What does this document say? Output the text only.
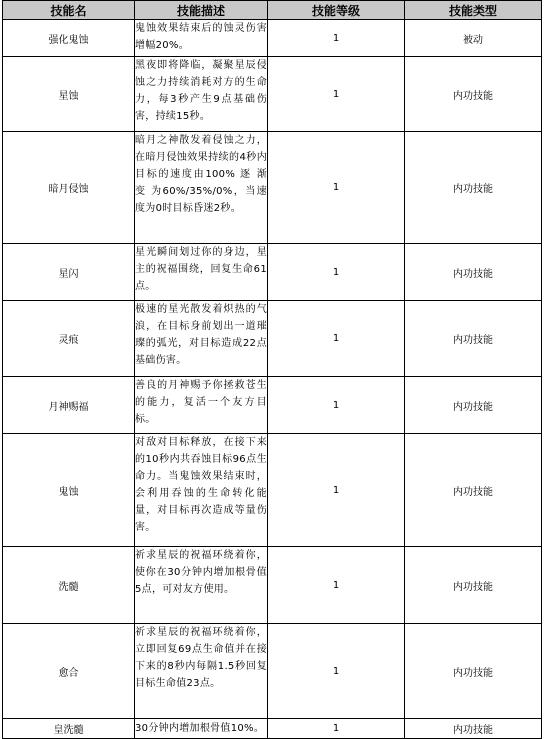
技能名	技能描述	技能等级	技能类型
强化鬼蚀	鬼蚀效果结束后的蚀灵伤害增幅20%。	1	被动
星蚀	黑夜即将降临，凝聚星辰侵蚀之力持续消耗对方的生命力，每3秒产生9点基础伤害，持续15秒。	1	内功技能
暗月侵蚀	暗月之神散发着侵蚀之力，在暗月侵蚀效果持续的4秒内目标的速度由100% 逐 渐 变 为60%/35%/0%，当速度为0时目标昏迷2秒。	1	内功技能
星闪	星光瞬间划过你的身边，星主的祝福围绕，回复生命61点。	1	内功技能
灵痕	极速的星光散发着炽热的气浪，在目标身前划出一道璀璨的弧光，对目标造成22点基础伤害。	1	内功技能
月神赐福	善良的月神赐予你拯救苍生的能力，复活一个友方目标。	1	内功技能
鬼蚀	对敌对目标释放，在接下来的10秒内共吞蚀目标96点生命力。当鬼蚀效果结束时，会利用吞蚀的生命转化能量，对目标再次造成等量伤害。	1	内功技能
洗髓	祈求星辰的祝福环绕着你，使你在30分钟内增加根骨值5点，可对友方使用。	1	内功技能
愈合	祈求星辰的祝福环绕着你，立即回复69点生命值并在接下来的8秒内每隔1.5秒回复目标生命值23点。	1	内功技能
皇洗髓	30分钟内增加根骨值10%。	1	内功技能
